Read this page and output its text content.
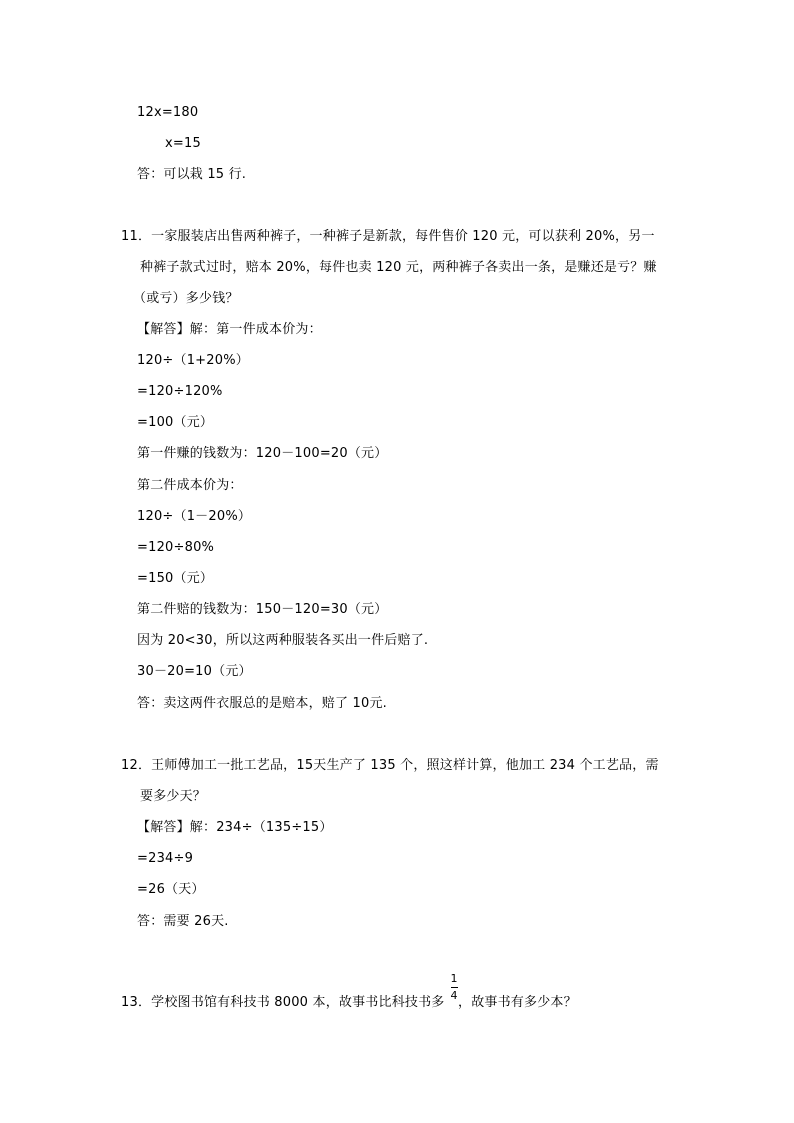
12x=180
x=15
答：可以栽 15 行.
11．一家服装店出售两种裤子，一种裤子是新款，每件售价 120 元，可以获利 20%，另一
种裤子款式过时，赔本 20%，每件也卖 120 元，两种裤子各卖出一条，是赚还是亏？赚
（或亏）多少钱？
【解答】解：第一件成本价为：
120÷（1+20%）
=120÷120%
=100（元）
第一件赚的钱数为：120－100=20（元）
第二件成本价为：
120÷（1－20%）
=120÷80%
=150（元）
第二件赔的钱数为：150－120=30（元）
因为 20<30，所以这两种服装各买出一件后赔了.
30－20=10（元）
答：卖这两件衣服总的是赔本，赔了 10元.
12．王师傅加工一批工艺品，15天生产了 135 个，照这样计算，他加工 234 个工艺品，需
要多少天？
【解答】解：234÷（135÷15）
=234÷9
=26（天）
答：需要 26天.
13．学校图书馆有科技书 8000 本，故事书比科技书多
1
4 ，故事书有多少本？
